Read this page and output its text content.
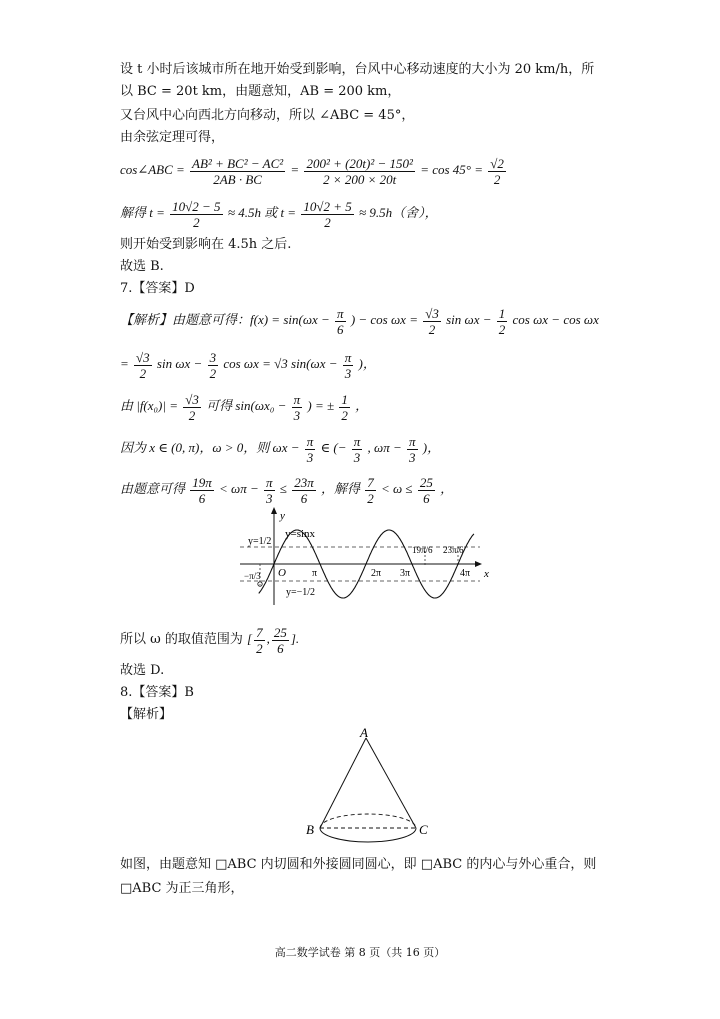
设 t 小时后该城市所在地开始受到影响，台风中心移动速度的大小为 20 km/h，所
以 BC = 20t km，由题意知，AB = 200 km，
又台风中心向西北方向移动，所以 ∠ABC = 45°，
由余弦定理可得，
cos∠ABC = $\frac{\text{AB² + BC² − AC²}}{2AB \cdot BC} = \frac{\text{200² + (20t)² − 150²}}{2 \times 200 \times 20t} = \cos 45^\circ = \frac{√2}{2}$
解得 $t = \frac{10√2 - 5}{2} \approx 4.5h$ 或 $t = \frac{10√2 + 5}{2} \approx 9.5h$（舍），
则开始受到影响在 4.5h 之后.
故选 B.
7.【答案】D
【解析】由题意可得：$f(x) = \sin(\omega x - \frac{\pi}{6}$ ) − $\cos \omega x = \frac{√3}{2}$ $\sin \omega x - \frac{1}{2}$ cos ωx − cos ωx
= $\frac{√3}{2}$ $\sin \omega x - \frac{3}{2}$ cos ωx = √3 $\sin(\omega x - \frac{\pi}{3}$ )，
由 $|f(x_0)| = \frac{√3}{2}$ 可得 $\sin(\omega x_0 - \frac{\pi}{3}$ ) = ± $\frac{1}{2}$ ，
因为 x ∈ (0, π)，ω > 0，则 $\omega x - \frac{\pi}{3}$ ∈ (− $\frac{\pi}{3}$ , $\omega\pi - \frac{\pi}{3}$ )，
由题意可得 $\frac{19\pi}{6} < \omega\pi - \frac{\pi}{3} \le \frac{23\pi}{6}$ ，解得 $\frac{7}{2} < \omega \le \frac{25}{6}$ ，
y
x
O
y=sinx
y=1/2
y=−1/2
π	2π 3π	4π
−π/3
19π/6 23π/6
所以 ω 的取值范围为 [ $\frac{7}{2}$ , $\frac{25}{6}$ ].
故选 D.
8.【答案】B
【解析】
A
B	C
如图，由题意知 □ABC 内切圆和外接圆同圆心，即 □ABC 的内心与外心重合，则
□ABC 为正三角形，
高二数学试卷 第 8 页（共 16 页）
